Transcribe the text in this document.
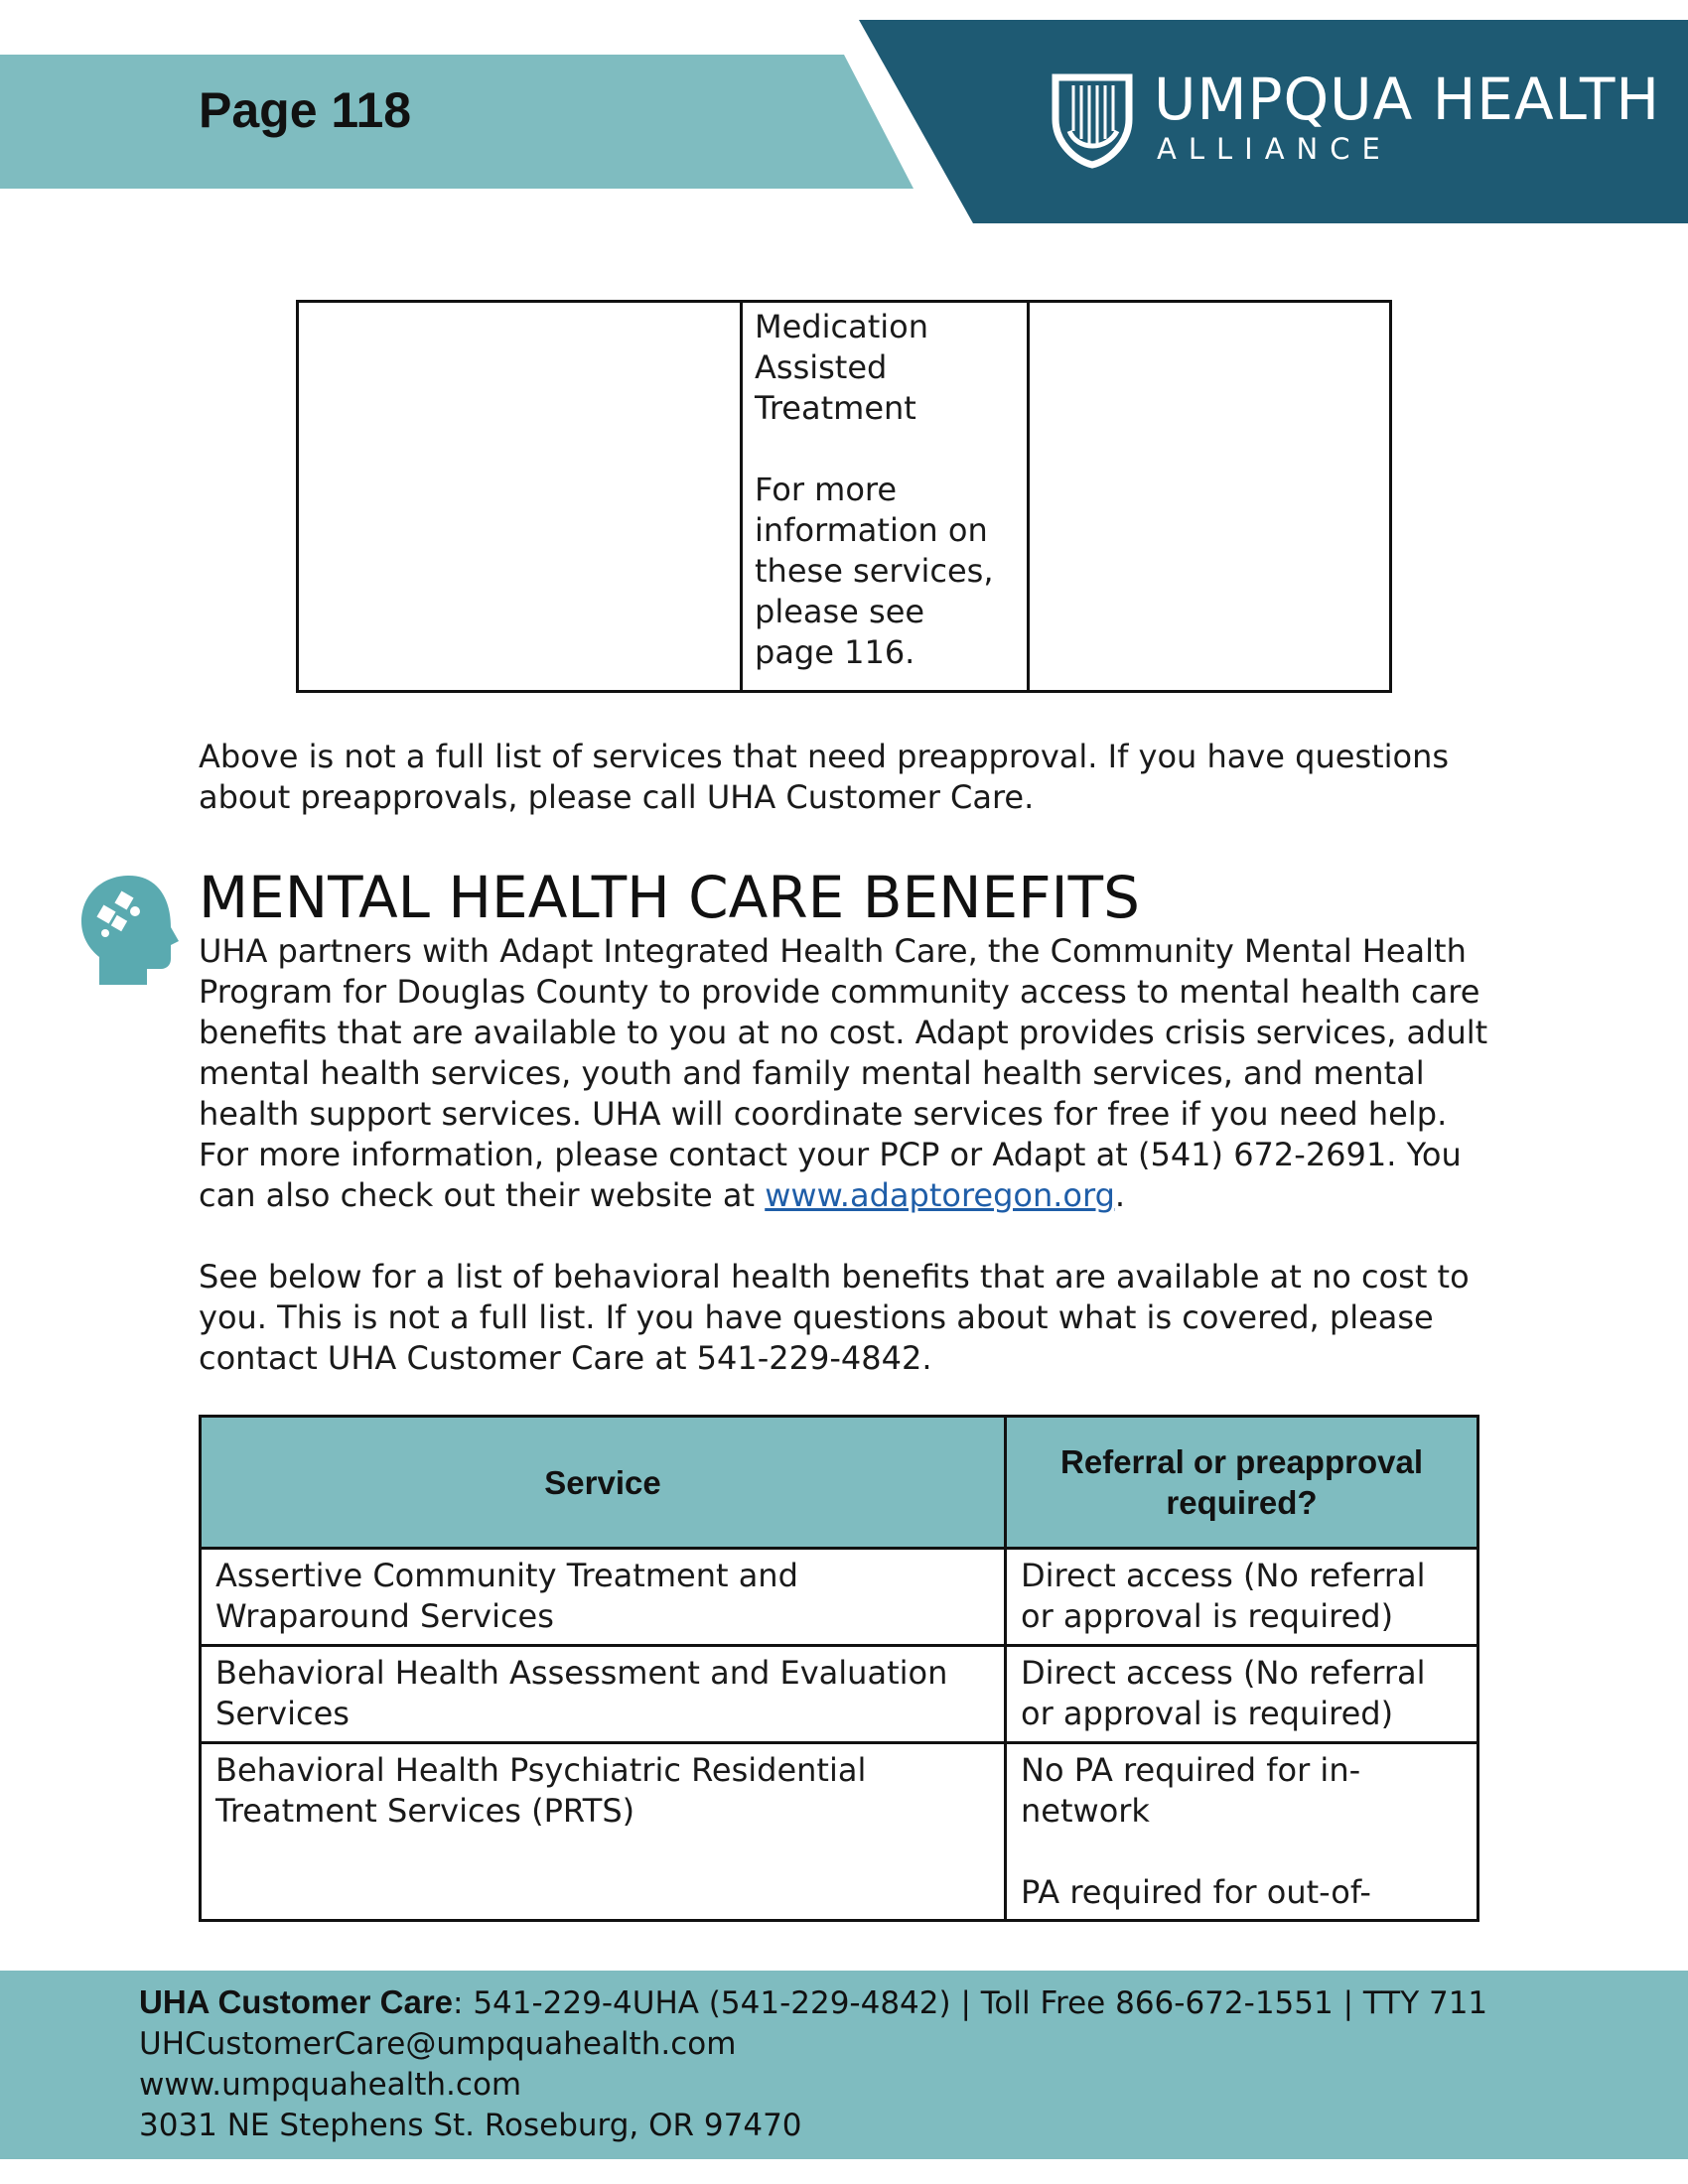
Page 118	UMPQUA HEALTH
ALLIANCE

Medication
Assisted
Treatment

For more
information on
these services,
please see
page 116.

Above is not a full list of services that need preapproval. If you have questions about preapprovals, please call UHA Customer Care.
MENTAL HEALTH CARE BENEFITS
UHA partners with Adapt Integrated Health Care, the Community Mental Health Program for Douglas County to provide community access to mental health care benefits that are available to you at no cost. Adapt provides crisis services, adult mental health services, youth and family mental health services, and mental health support services. UHA will coordinate services for free if you need help. For more information, please contact your PCP or Adapt at (541) 672-2691. You can also check out their website at www.adaptoregon.org.
See below for a list of behavioral health benefits that are available at no cost to you. This is not a full list. If you have questions about what is covered, please contact UHA Customer Care at 541-229-4842.
Service	Referral or preapproval required?
Assertive Community Treatment and Wraparound Services	Direct access (No referral or approval is required)
Behavioral Health Assessment and Evaluation Services	Direct access (No referral or approval is required)
Behavioral Health Psychiatric Residential Treatment Services (PRTS)	No PA required for in-network

PA required for out-of-
UHA Customer Care: 541-229-4UHA (541-229-4842) | Toll Free 866-672-1551 | TTY 711
UHCustomerCare@umpquahealth.com
www.umpquahealth.com
3031 NE Stephens St. Roseburg, OR 97470
